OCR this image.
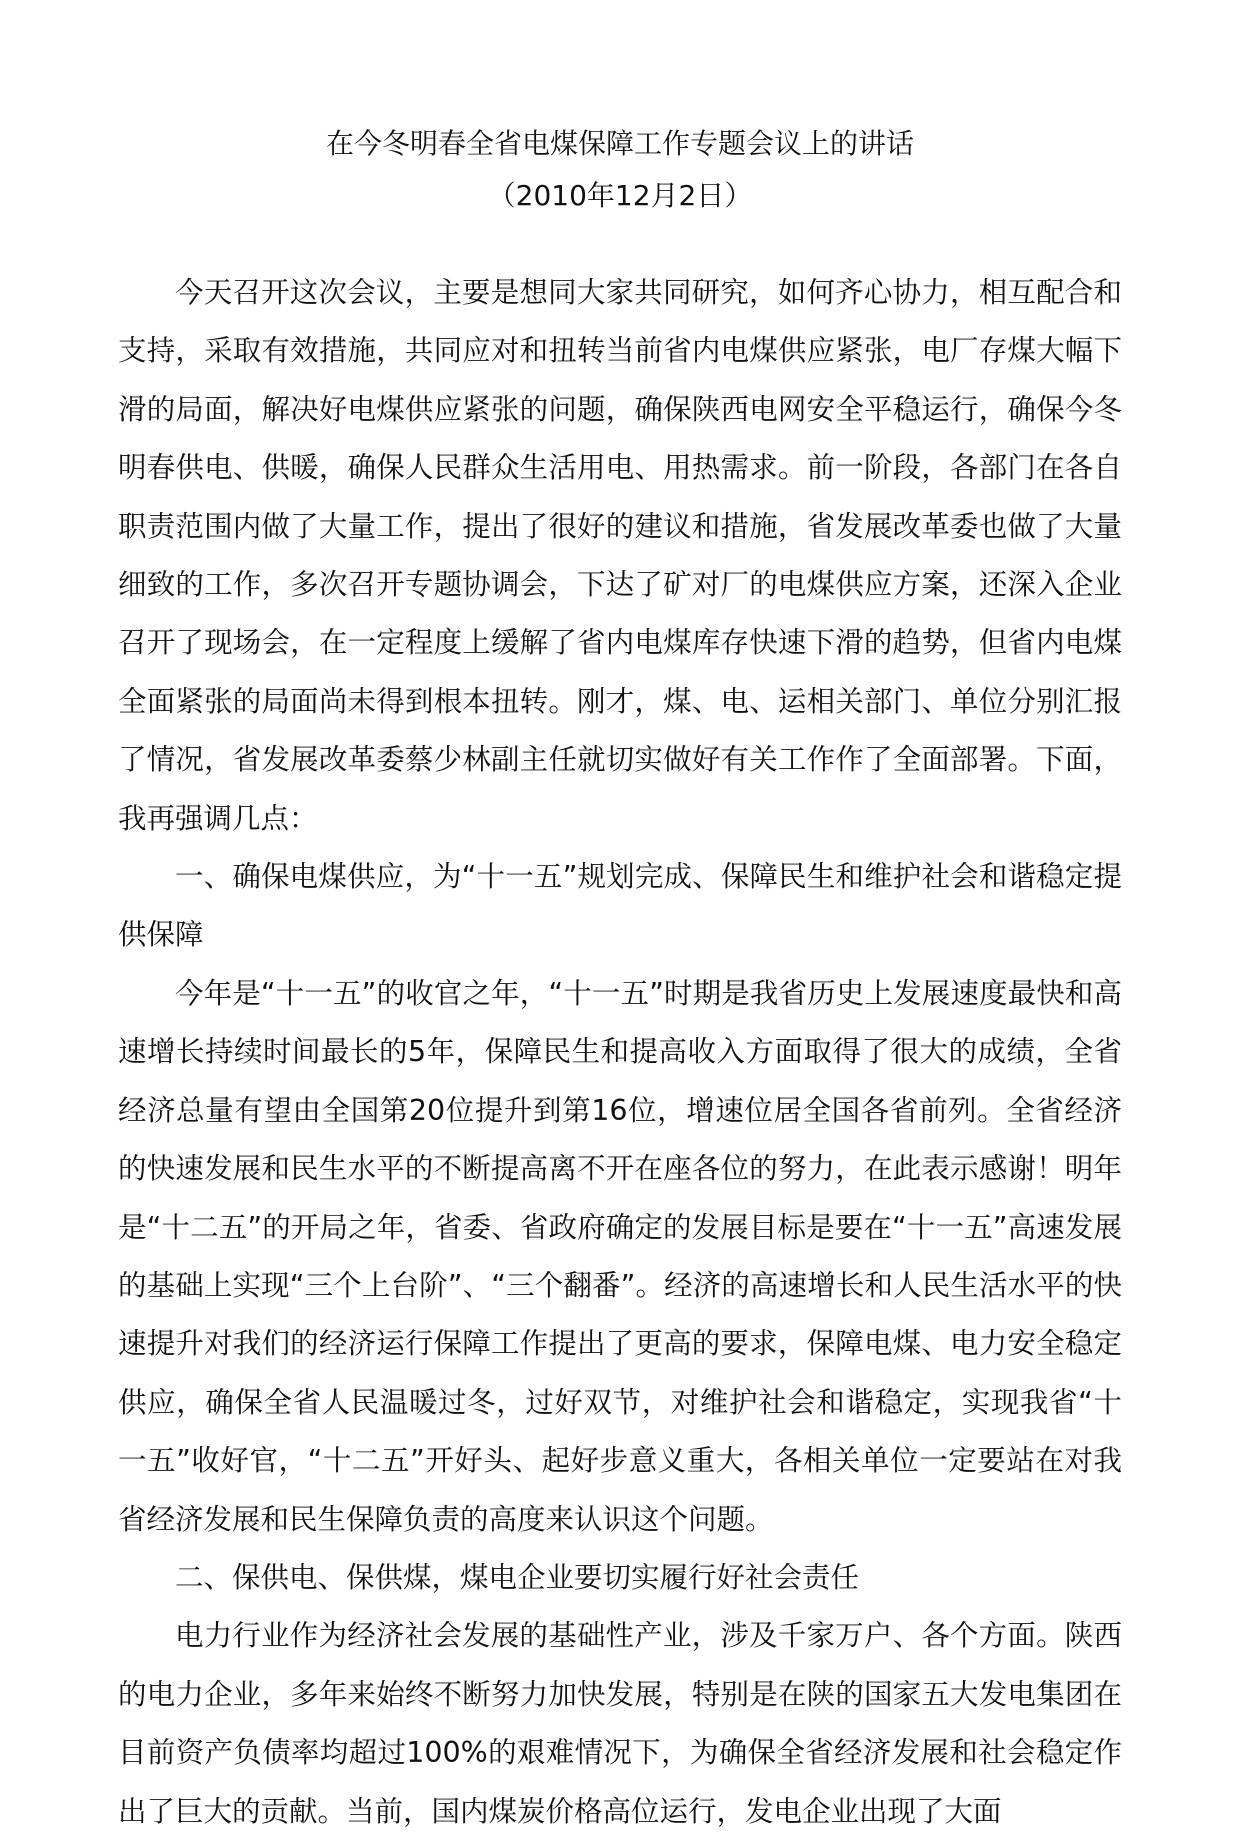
在今冬明春全省电煤保障工作专题会议上的讲话
（2010年12月2日）

今天召开这次会议，主要是想同大家共同研究，如何齐心协力，相互配合和支持，采取有效措施，共同应对和扭转当前省内电煤供应紧张，电厂存煤大幅下滑的局面，解决好电煤供应紧张的问题，确保陕西电网安全平稳运行，确保今冬明春供电、供暖，确保人民群众生活用电、用热需求。前一阶段，各部门在各自职责范围内做了大量工作，提出了很好的建议和措施，省发展改革委也做了大量细致的工作，多次召开专题协调会，下达了矿对厂的电煤供应方案，还深入企业召开了现场会，在一定程度上缓解了省内电煤库存快速下滑的趋势，但省内电煤全面紧张的局面尚未得到根本扭转。刚才，煤、电、运相关部门、单位分别汇报了情况，省发展改革委蔡少林副主任就切实做好有关工作作了全面部署。下面，我再强调几点：

一、确保电煤供应，为“十一五”规划完成、保障民生和维护社会和谐稳定提供保障

今年是“十一五”的收官之年，“十一五”时期是我省历史上发展速度最快和高速增长持续时间最长的5年，保障民生和提高收入方面取得了很大的成绩，全省经济总量有望由全国第20位提升到第16位，增速位居全国各省前列。全省经济的快速发展和民生水平的不断提高离不开在座各位的努力，在此表示感谢！明年是“十二五”的开局之年，省委、省政府确定的发展目标是要在“十一五”高速发展的基础上实现“三个上台阶”、“三个翻番”。经济的高速增长和人民生活水平的快速提升对我们的经济运行保障工作提出了更高的要求，保障电煤、电力安全稳定供应，确保全省人民温暖过冬，过好双节，对维护社会和谐稳定，实现我省“十一五”收好官，“十二五”开好头、起好步意义重大，各相关单位一定要站在对我省经济发展和民生保障负责的高度来认识这个问题。

二、保供电、保供煤，煤电企业要切实履行好社会责任

电力行业作为经济社会发展的基础性产业，涉及千家万户、各个方面。陕西的电力企业，多年来始终不断努力加快发展，特别是在陕的国家五大发电集团在目前资产负债率均超过100%的艰难情况下，为确保全省经济发展和社会稳定作出了巨大的贡献。当前，国内煤炭价格高位运行，发电企业出现了大面
